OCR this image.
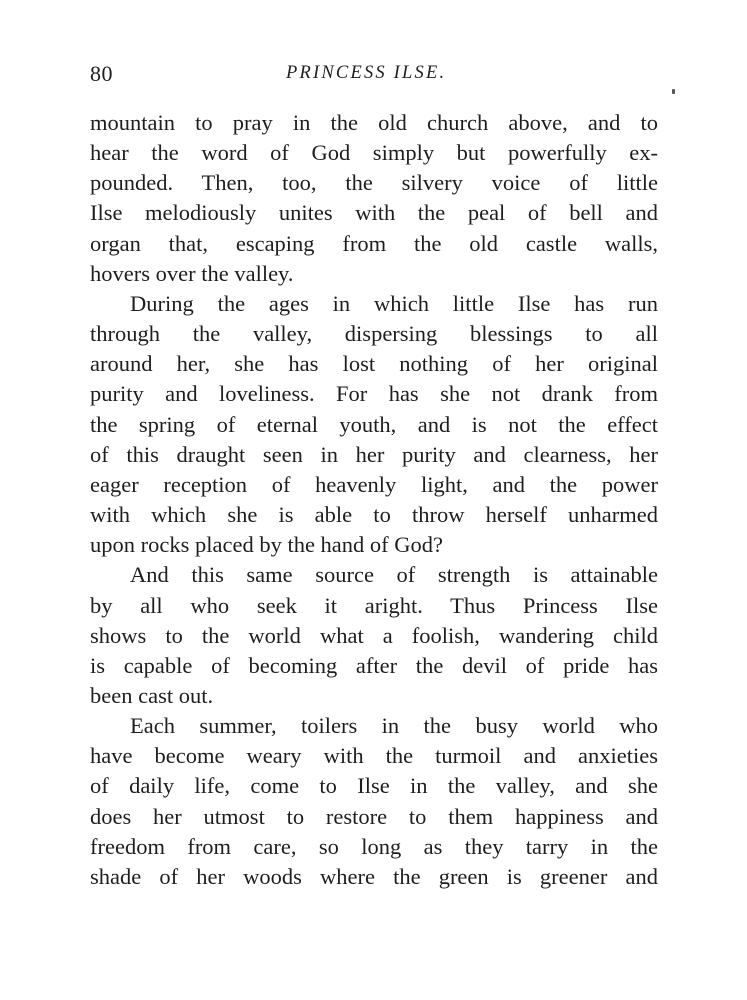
80	PRINCESS ILSE.
mountain to pray in the old church above, and to
hear the word of God simply but powerfully ex-
pounded. Then, too, the silvery voice of little
Ilse melodiously unites with the peal of bell and
organ that, escaping from the old castle walls,
hovers over the valley.
During the ages in which little Ilse has run
through the valley, dispersing blessings to all
around her, she has lost nothing of her original
purity and loveliness. For has she not drank from
the spring of eternal youth, and is not the effect
of this draught seen in her purity and clearness, her
eager reception of heavenly light, and the power
with which she is able to throw herself unharmed
upon rocks placed by the hand of God?
And this same source of strength is attainable
by all who seek it aright. Thus Princess Ilse
shows to the world what a foolish, wandering child
is capable of becoming after the devil of pride has
been cast out.
Each summer, toilers in the busy world who
have become weary with the turmoil and anxieties
of daily life, come to Ilse in the valley, and she
does her utmost to restore to them happiness and
freedom from care, so long as they tarry in the
shade of her woods where the green is greener and
